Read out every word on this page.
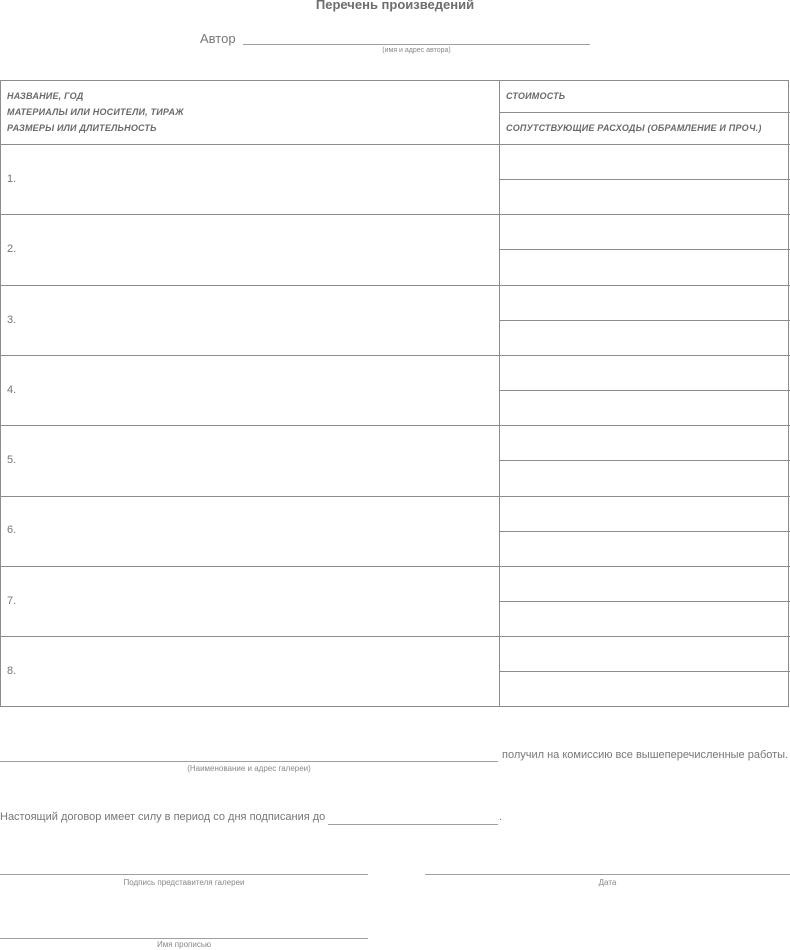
Перечень произведений
Автор
(имя и адрес автора)
НАЗВАНИЕ, ГОД
МАТЕРИАЛЫ ИЛИ НОСИТЕЛИ, ТИРАЖ
РАЗМЕРЫ ИЛИ ДЛИТЕЛЬНОСТЬ
СТОИМОСТЬ
СОПУТСТВУЮЩИЕ РАСХОДЫ (ОБРАМЛЕНИЕ И ПРОЧ.)
1.
2.
3.
4.
5.
6.
7.
8.
получил на комиссию все вышеперечисленные работы.
(Наименование и адрес галереи)
Настоящий договор имеет силу в период со дня подписания до	.
Подпись представителя галереи	Дата
Имя прописью
